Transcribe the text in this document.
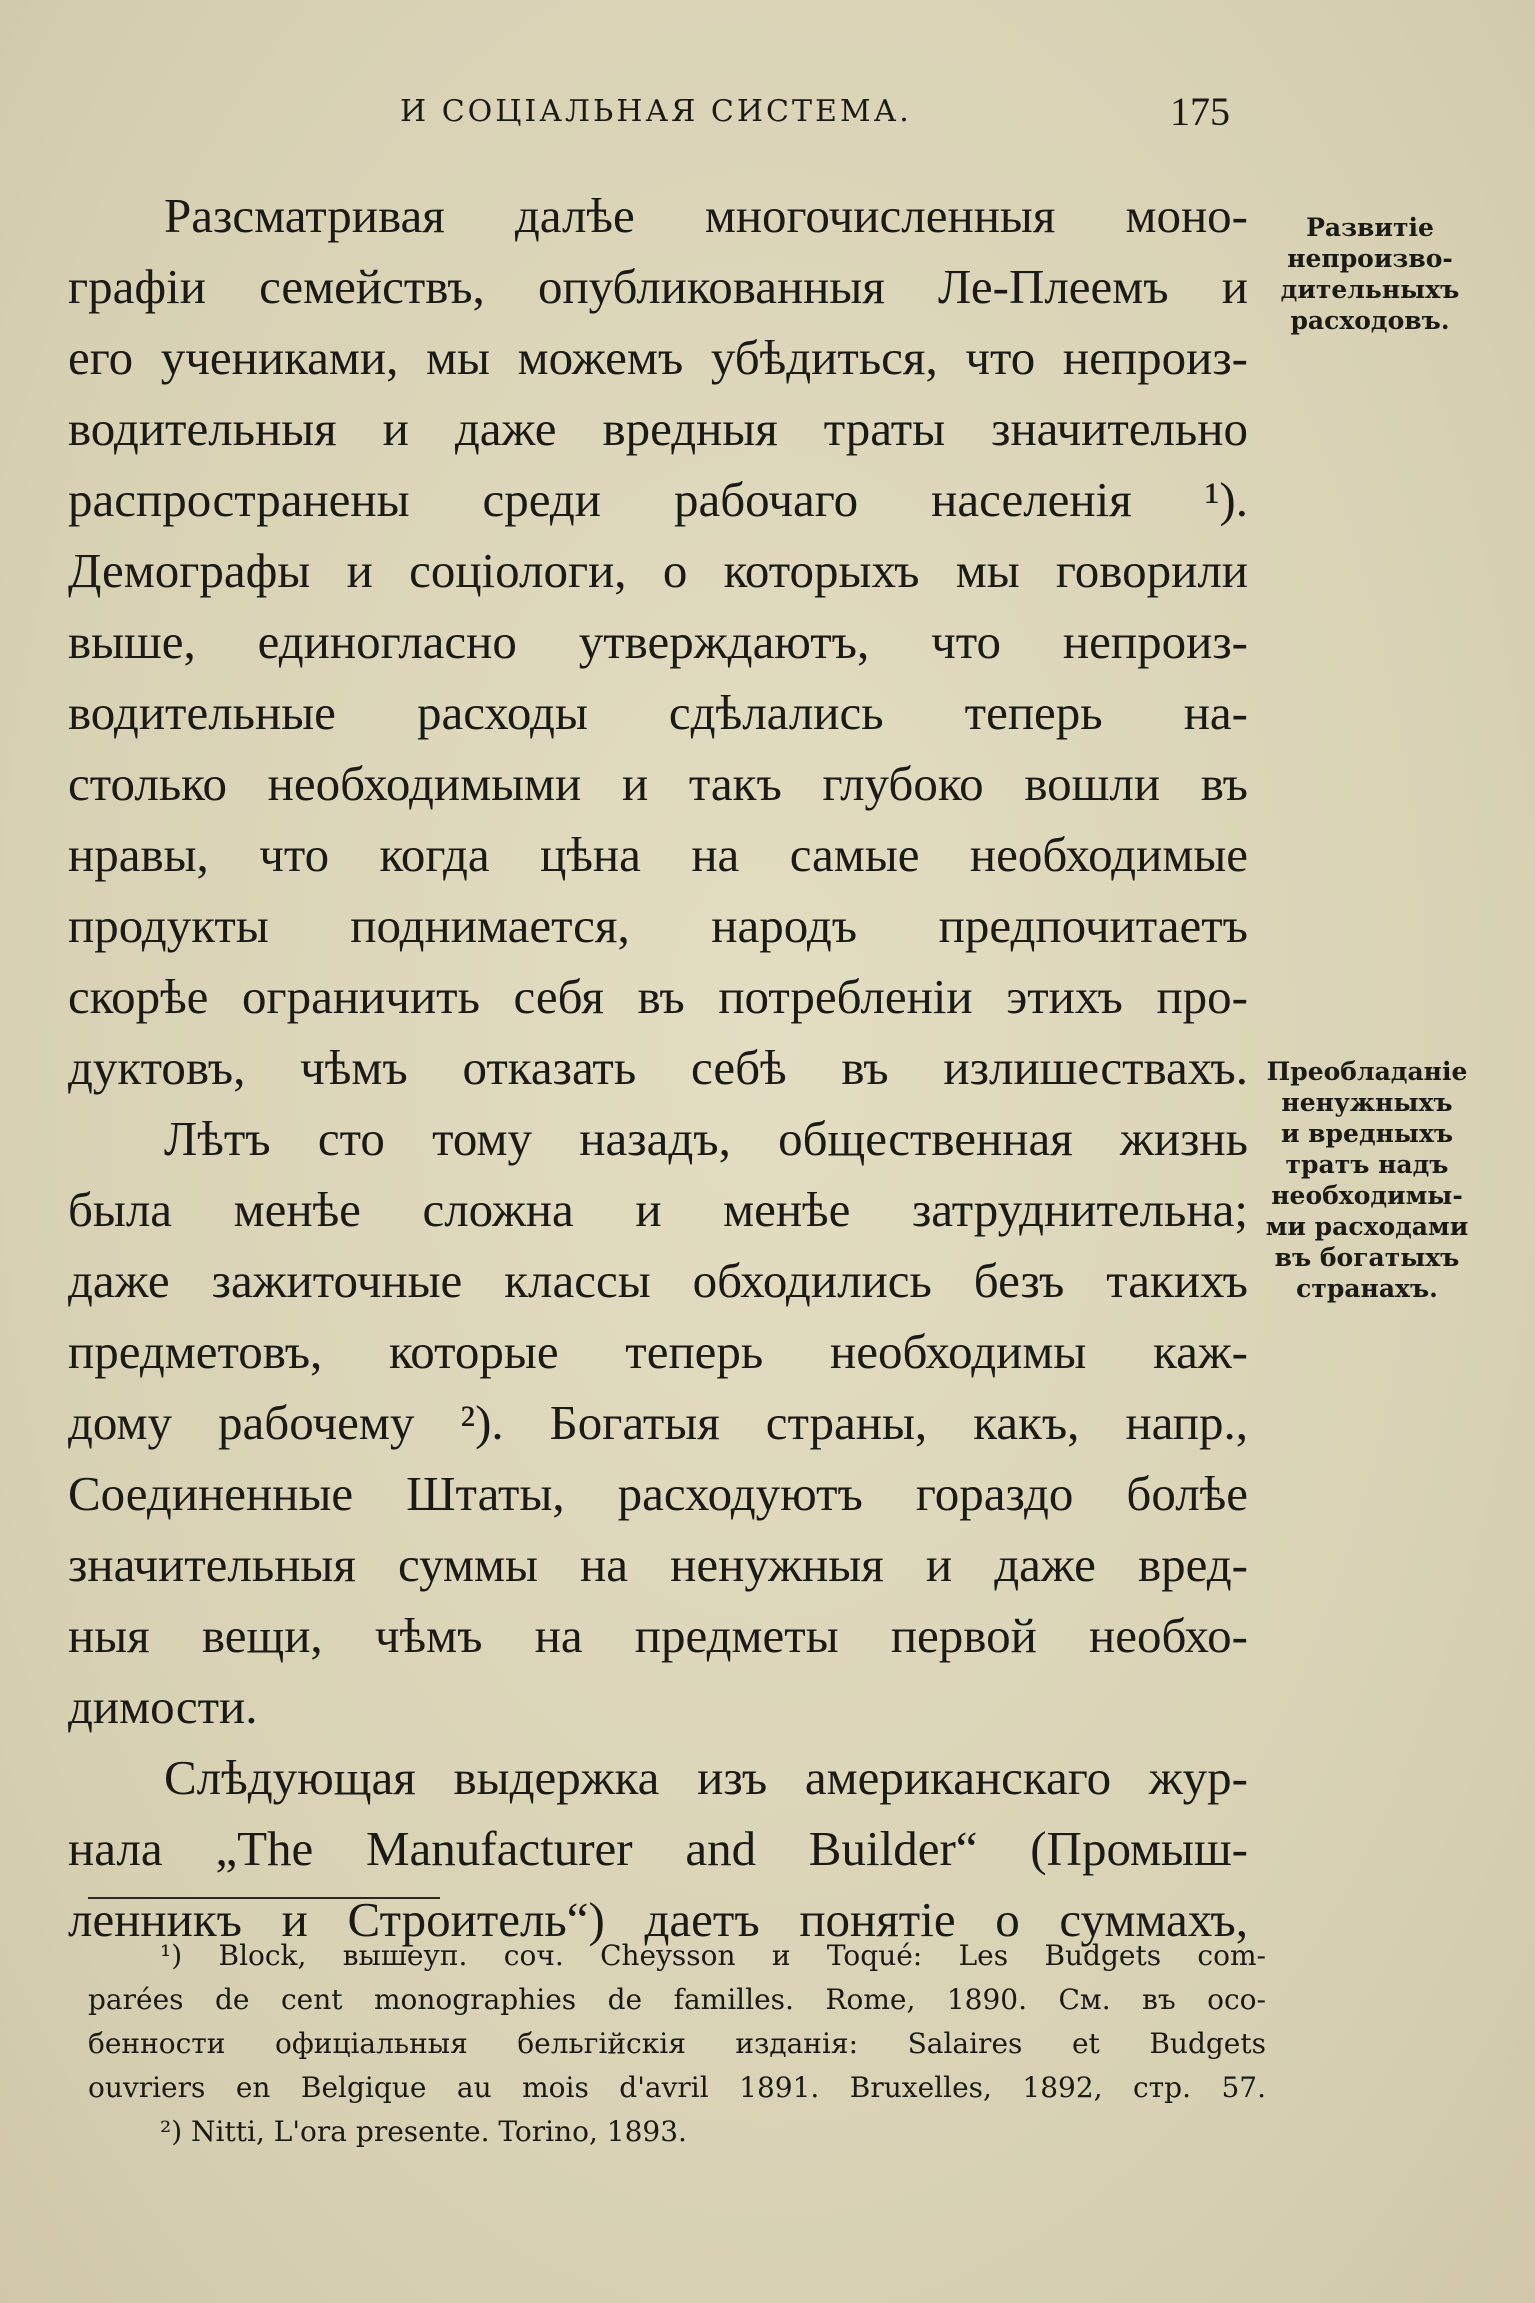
И СОЦІАЛЬНАЯ СИСТЕМА.	175
Разсматривая далѣе многочисленныя моно-
графіи семействъ, опубликованныя Ле-Плеемъ и
его учениками, мы можемъ убѣдиться, что непроиз-
водительныя и даже вредныя траты значительно
распространены среди рабочаго населенія ¹).
Демографы и соціологи, о которыхъ мы говорили
выше, единогласно утверждаютъ, что непроиз-
водительные расходы сдѣлались теперь на-
столько необходимыми и такъ глубоко вошли въ
нравы, что когда цѣна на самые необходимые
продукты поднимается, народъ предпочитаетъ
скорѣе ограничить себя въ потребленіи этихъ про-
дуктовъ, чѣмъ отказать себѣ въ излишествахъ.
Лѣтъ сто тому назадъ, общественная жизнь
была менѣе сложна и менѣе затруднительна;
даже зажиточные классы обходились безъ такихъ
предметовъ, которые теперь необходимы каж-
дому рабочему ²). Богатыя страны, какъ, напр.,
Соединенные Штаты, расходуютъ гораздо болѣе
значительныя суммы на ненужныя и даже вред-
ныя вещи, чѣмъ на предметы первой необхо-
димости.
Слѣдующая выдержка изъ американскаго жур-
нала „The Manufacturer and Builder“ (Промыш-
ленникъ и Строитель“) даетъ понятіе о суммахъ,
Развитіе
непроизво-
дительныхъ
расходовъ.
Преобладаніе
ненужныхъ
и вредныхъ
тратъ надъ
необходимы-
ми расходами
въ богатыхъ
странахъ.
¹) Block, вышеуп. соч. Cheysson и Toqué: Les Budgets com-
parées de cent monographies de familles. Rome, 1890. См. въ осо-
бенности офиціальныя бельгійскія изданія: Salaires et Budgets
ouvriers en Belgique au mois d'avril 1891. Bruxelles, 1892, стр. 57.
²) Nitti, L'ora presente. Torino, 1893.
